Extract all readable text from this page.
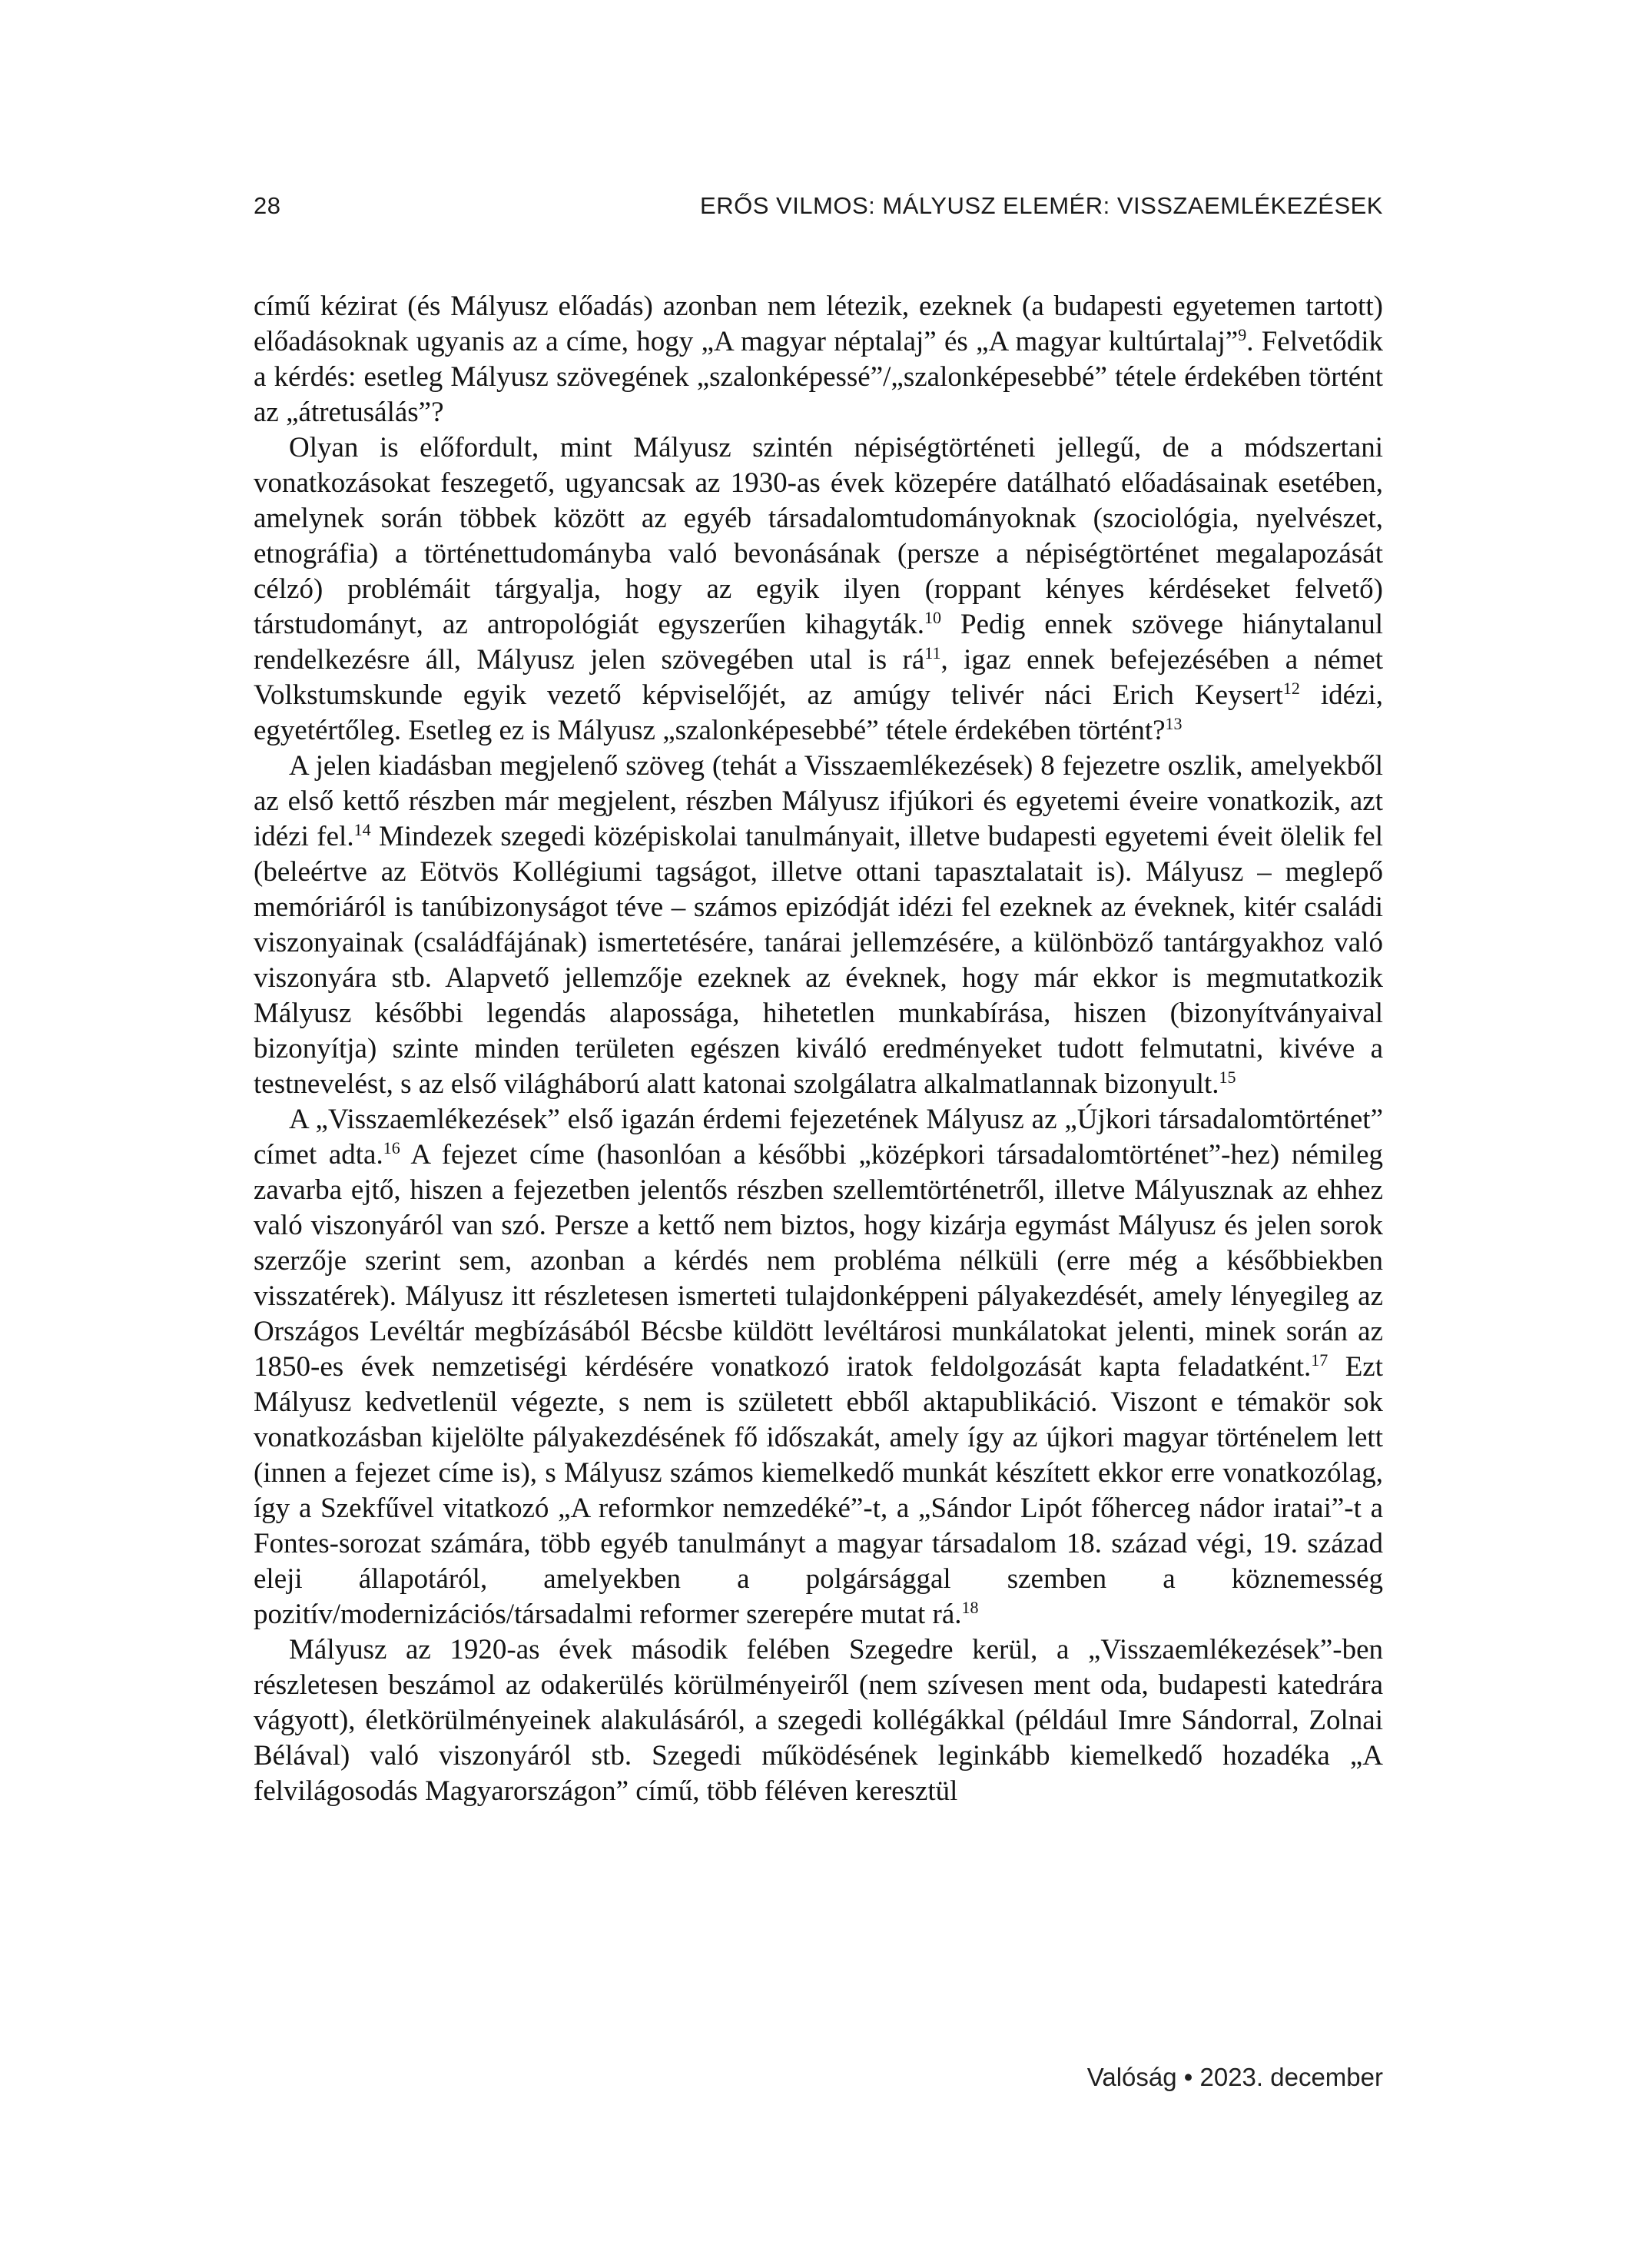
28	ERŐS VILMOS: MÁLYUSZ ELEMÉR: VISSZAEMLÉKEZÉSEK

című kézirat (és Mályusz előadás) azonban nem létezik, ezeknek (a budapesti egyetemen tartott) előadásoknak ugyanis az a címe, hogy „A magyar néptalaj” és „A magyar kultúrtalaj”$^9$. Felvetődik a kérdés: esetleg Mályusz szövegének „szalonképessé”/„szalonképesebbé” tétele érdekében történt az „átretusálás”?

Olyan is előfordult, mint Mályusz szintén népiségtörténeti jellegű, de a módszertani vonatkozásokat feszegető, ugyancsak az 1930-as évek közepére datálható előadásainak esetében, amelynek során többek között az egyéb társadalomtudományoknak (szociológia, nyelvészet, etnográfia) a történettudományba való bevonásának (persze a népiségtörténet megalapozását célzó) problémáit tárgyalja, hogy az egyik ilyen (roppant kényes kérdéseket felvető) társtudományt, az antropológiát egyszerűen kihagyták.$^{10}$ Pedig ennek szövege hiánytalanul rendelkezésre áll, Mályusz jelen szövegében utal is rá$^{11}$, igaz ennek befejezésében a német Volkstumskunde egyik vezető képviselőjét, az amúgy telivér náci Erich Keysert$^{12}$ idézi, egyetértőleg. Esetleg ez is Mályusz „szalonképesebbé” tétele érdekében történt?$^{13}$

A jelen kiadásban megjelenő szöveg (tehát a Visszaemlékezések) 8 fejezetre oszlik, amelyekből az első kettő részben már megjelent, részben Mályusz ifjúkori és egyetemi éveire vonatkozik, azt idézi fel.$^{14}$ Mindezek szegedi középiskolai tanulmányait, illetve budapesti egyetemi éveit ölelik fel (beleértve az Eötvös Kollégiumi tagságot, illetve ottani tapasztalatait is). Mályusz – meglepő memóriáról is tanúbizonyságot téve – számos epizódját idézi fel ezeknek az éveknek, kitér családi viszonyainak (családfájának) ismertetésére, tanárai jellemzésére, a különböző tantárgyakhoz való viszonyára stb. Alapvető jellemzője ezeknek az éveknek, hogy már ekkor is megmutatkozik Mályusz későbbi legendás alapossága, hihetetlen munkabírása, hiszen (bizonyítványaival bizonyítja) szinte minden területen egészen kiváló eredményeket tudott felmutatni, kivéve a testnevelést, s az első világháború alatt katonai szolgálatra alkalmatlannak bizonyult.$^{15}$

A „Visszaemlékezések” első igazán érdemi fejezetének Mályusz az „Újkori társadalomtörténet” címet adta.$^{16}$ A fejezet címe (hasonlóan a későbbi „középkori társadalomtörténet”-hez) némileg zavarba ejtő, hiszen a fejezetben jelentős részben szellemtörténetről, illetve Mályusznak az ehhez való viszonyáról van szó. Persze a kettő nem biztos, hogy kizárja egymást Mályusz és jelen sorok szerzője szerint sem, azonban a kérdés nem probléma nélküli (erre még a későbbiekben visszatérek). Mályusz itt részletesen ismerteti tulajdonképpeni pályakezdését, amely lényegileg az Országos Levéltár megbízásából Bécsbe küldött levéltárosi munkálatokat jelenti, minek során az 1850-es évek nemzetiségi kérdésére vonatkozó iratok feldolgozását kapta feladatként.$^{17}$ Ezt Mályusz kedvetlenül végezte, s nem is született ebből aktapublikáció. Viszont e témakör sok vonatkozásban kijelölte pályakezdésének fő időszakát, amely így az újkori magyar történelem lett (innen a fejezet címe is), s Mályusz számos kiemelkedő munkát készített ekkor erre vonatkozólag, így a Szekfűvel vitatkozó „A reformkor nemzedéké”-t, a „Sándor Lipót főherceg nádor iratai”-t a Fontes-sorozat számára, több egyéb tanulmányt a magyar társadalom 18. század végi, 19. század eleji állapotáról, amelyekben a polgársággal szemben a köznemesség pozitív/modernizációs/társadalmi reformer szerepére mutat rá.$^{18}$

Mályusz az 1920-as évek második felében Szegedre kerül, a „Visszaemlékezések”-ben részletesen beszámol az odakerülés körülményeiről (nem szívesen ment oda, budapesti katedrára vágyott), életkörülményeinek alakulásáról, a szegedi kollégákkal (például Imre Sándorral, Zolnai Bélával) való viszonyáról stb. Szegedi működésének leginkább kiemelkedő hozadéka „A felvilágosodás Magyarországon” című, több féléven keresztül

Valóság • 2023. december
